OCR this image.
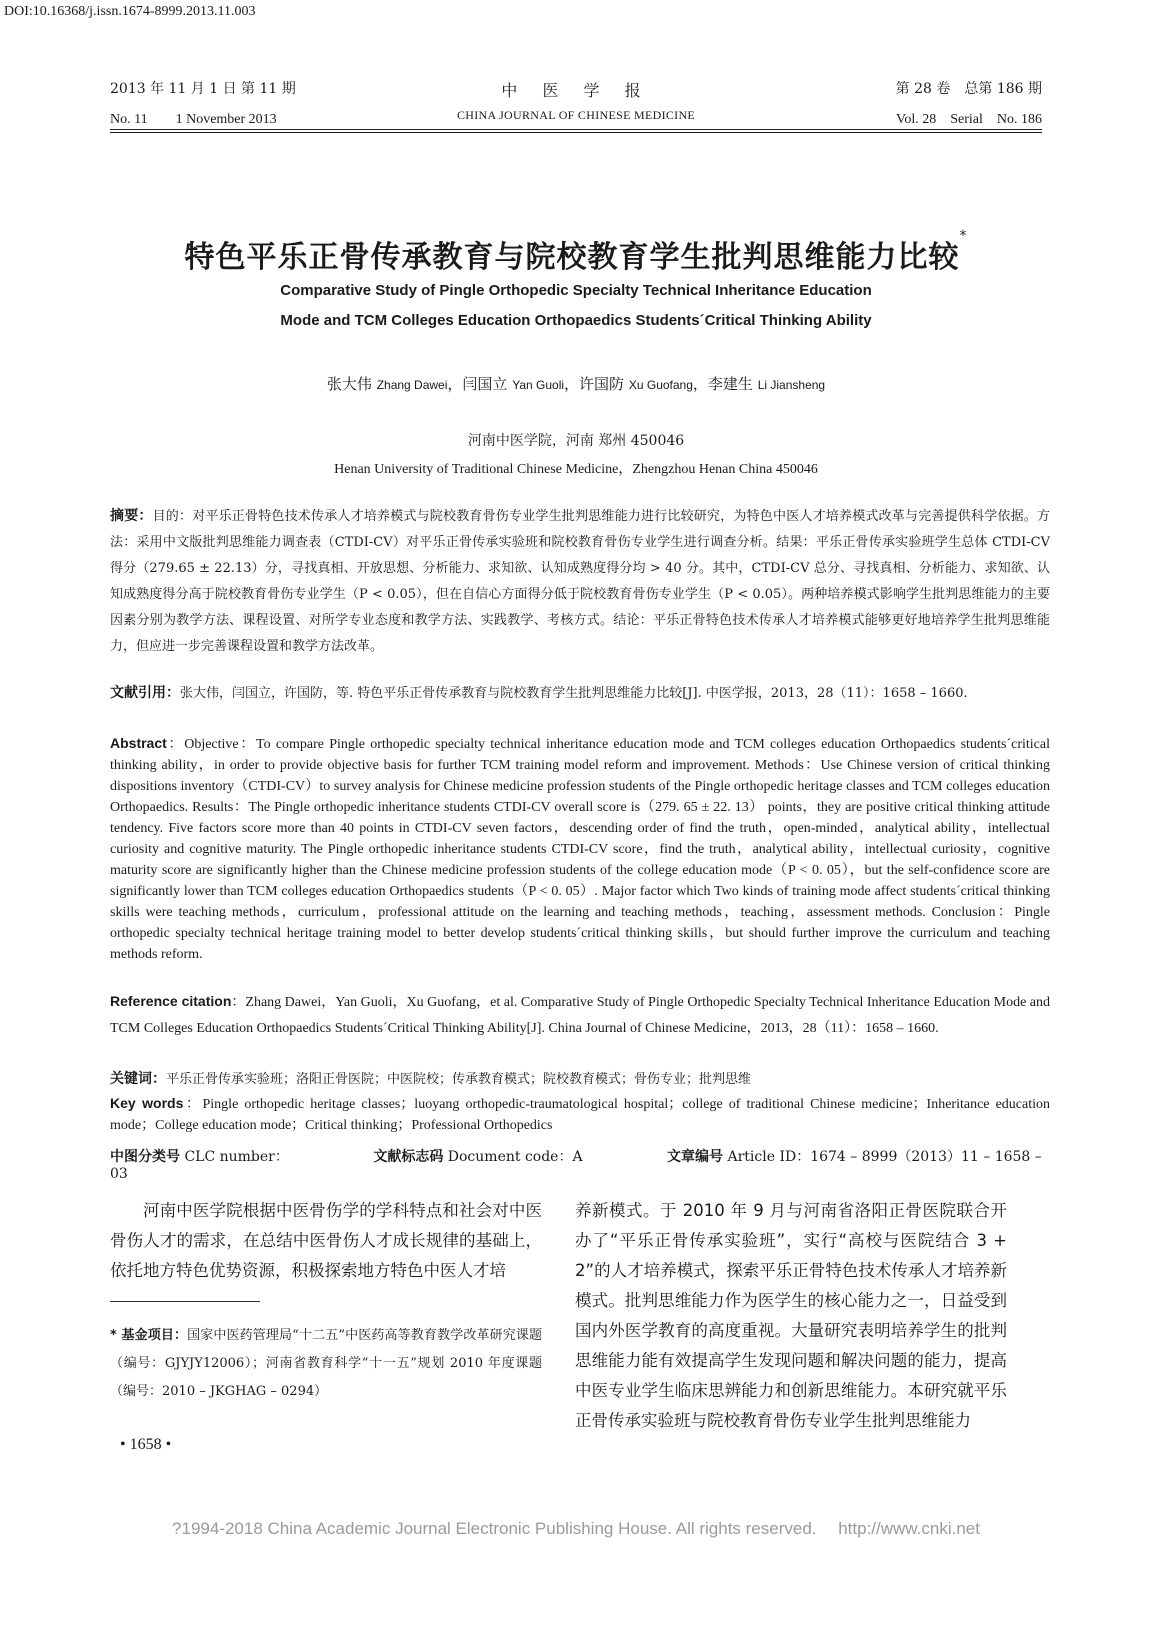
DOI:10.16368/j.issn.1674-8999.2013.11.003
2013 年 11 月 1 日 第 11 期	中 医 学 报	第 28 卷　总第 186 期
No. 11　　1 November 2013	CHINA JOURNAL OF CHINESE MEDICINE	Vol. 28　Serial　No. 186
特色平乐正骨传承教育与院校教育学生批判思维能力比较*
Comparative Study of Pingle Orthopedic Specialty Technical Inheritance Education
Mode and TCM Colleges Education Orthopaedics Students´Critical Thinking Ability
张大伟 Zhang Dawei，闫国立 Yan Guoli，许国防 Xu Guofang，李建生 Li Jiansheng
河南中医学院，河南 郑州 450046
Henan University of Traditional Chinese Medicine，Zhengzhou Henan China 450046
摘要：目的：对平乐正骨特色技术传承人才培养模式与院校教育骨伤专业学生批判思维能力进行比较研究，为特色中医人才培养模式改革与完善提供科学依据。方法：采用中文版批判思维能力调查表（CTDI-CV）对平乐正骨传承实验班和院校教育骨伤专业学生进行调查分析。结果：平乐正骨传承实验班学生总体 CTDI-CV 得分（279.65 ± 22.13）分，寻找真相、开放思想、分析能力、求知欲、认知成熟度得分均 > 40 分。其中，CTDI-CV 总分、寻找真相、分析能力、求知欲、认知成熟度得分高于院校教育骨伤专业学生（P < 0.05），但在自信心方面得分低于院校教育骨伤专业学生（P < 0.05）。两种培养模式影响学生批判思维能力的主要因素分别为教学方法、课程设置、对所学专业态度和教学方法、实践教学、考核方式。结论：平乐正骨特色技术传承人才培养模式能够更好地培养学生批判思维能力，但应进一步完善课程设置和教学方法改革。
文献引用：张大伟，闫国立，许国防，等. 特色平乐正骨传承教育与院校教育学生批判思维能力比较[J]. 中医学报，2013，28（11）：1658 – 1660.
Abstract：Objective：To compare Pingle orthopedic specialty technical inheritance education mode and TCM colleges education Orthopaedics students´critical thinking ability，in order to provide objective basis for further TCM training model reform and improvement. Methods：Use Chinese version of critical thinking dispositions inventory（CTDI-CV）to survey analysis for Chinese medicine profession students of the Pingle orthopedic heritage classes and TCM colleges education Orthopaedics. Results：The Pingle orthopedic inheritance students CTDI-CV overall score is（279. 65 ± 22. 13） points，they are positive critical thinking attitude tendency. Five factors score more than 40 points in CTDI-CV seven factors，descending order of find the truth，open-minded，analytical ability，intellectual curiosity and cognitive maturity. The Pingle orthopedic inheritance students CTDI-CV score，find the truth，analytical ability，intellectual curiosity，cognitive maturity score are significantly higher than the Chinese medicine profession students of the college education mode（P < 0. 05），but the self-confidence score are significantly lower than TCM colleges education Orthopaedics students（P < 0. 05）. Major factor which Two kinds of training mode affect students´critical thinking skills were teaching methods，curriculum，professional attitude on the learning and teaching methods，teaching，assessment methods. Conclusion：Pingle orthopedic specialty technical heritage training model to better develop students´critical thinking skills，but should further improve the curriculum and teaching methods reform.
Reference citation：Zhang Dawei，Yan Guoli，Xu Guofang，et al. Comparative Study of Pingle Orthopedic Specialty Technical Inheritance Education Mode and TCM Colleges Education Orthopaedics Students´Critical Thinking Ability[J]. China Journal of Chinese Medicine，2013，28（11）：1658 – 1660.
关键词：平乐正骨传承实验班；洛阳正骨医院；中医院校；传承教育模式；院校教育模式；骨伤专业；批判思维
Key words：Pingle orthopedic heritage classes；luoyang orthopedic-traumatological hospital；college of traditional Chinese medicine；Inheritance education mode；College education mode；Critical thinking；Professional Orthopedics
中图分类号 CLC number：	文献标志码 Document code：A	文章编号 Article ID：1674 – 8999（2013）11 – 1658 – 03
河南中医学院根据中医骨伤学的学科特点和社会对中医骨伤人才的需求，在总结中医骨伤人才成长规律的基础上，依托地方特色优势资源，积极探索地方特色中医人才培
* 基金项目：国家中医药管理局“十二五”中医药高等教育教学改革研究课题（编号：GJYJY12006）；河南省教育科学“十一五”规划 2010 年度课题（编号：2010 – JKGHAG – 0294）
• 1658 •
养新模式。于 2010 年 9 月与河南省洛阳正骨医院联合开办了“平乐正骨传承实验班”，实行“高校与医院结合 3 + 2”的人才培养模式，探索平乐正骨特色技术传承人才培养新模式。批判思维能力作为医学生的核心能力之一，日益受到国内外医学教育的高度重视。大量研究表明培养学生的批判思维能力能有效提高学生发现问题和解决问题的能力，提高中医专业学生临床思辨能力和创新思维能力。本研究就平乐正骨传承实验班与院校教育骨伤专业学生批判思维能力
?1994-2018 China Academic Journal Electronic Publishing House. All rights reserved.　 http://www.cnki.net
